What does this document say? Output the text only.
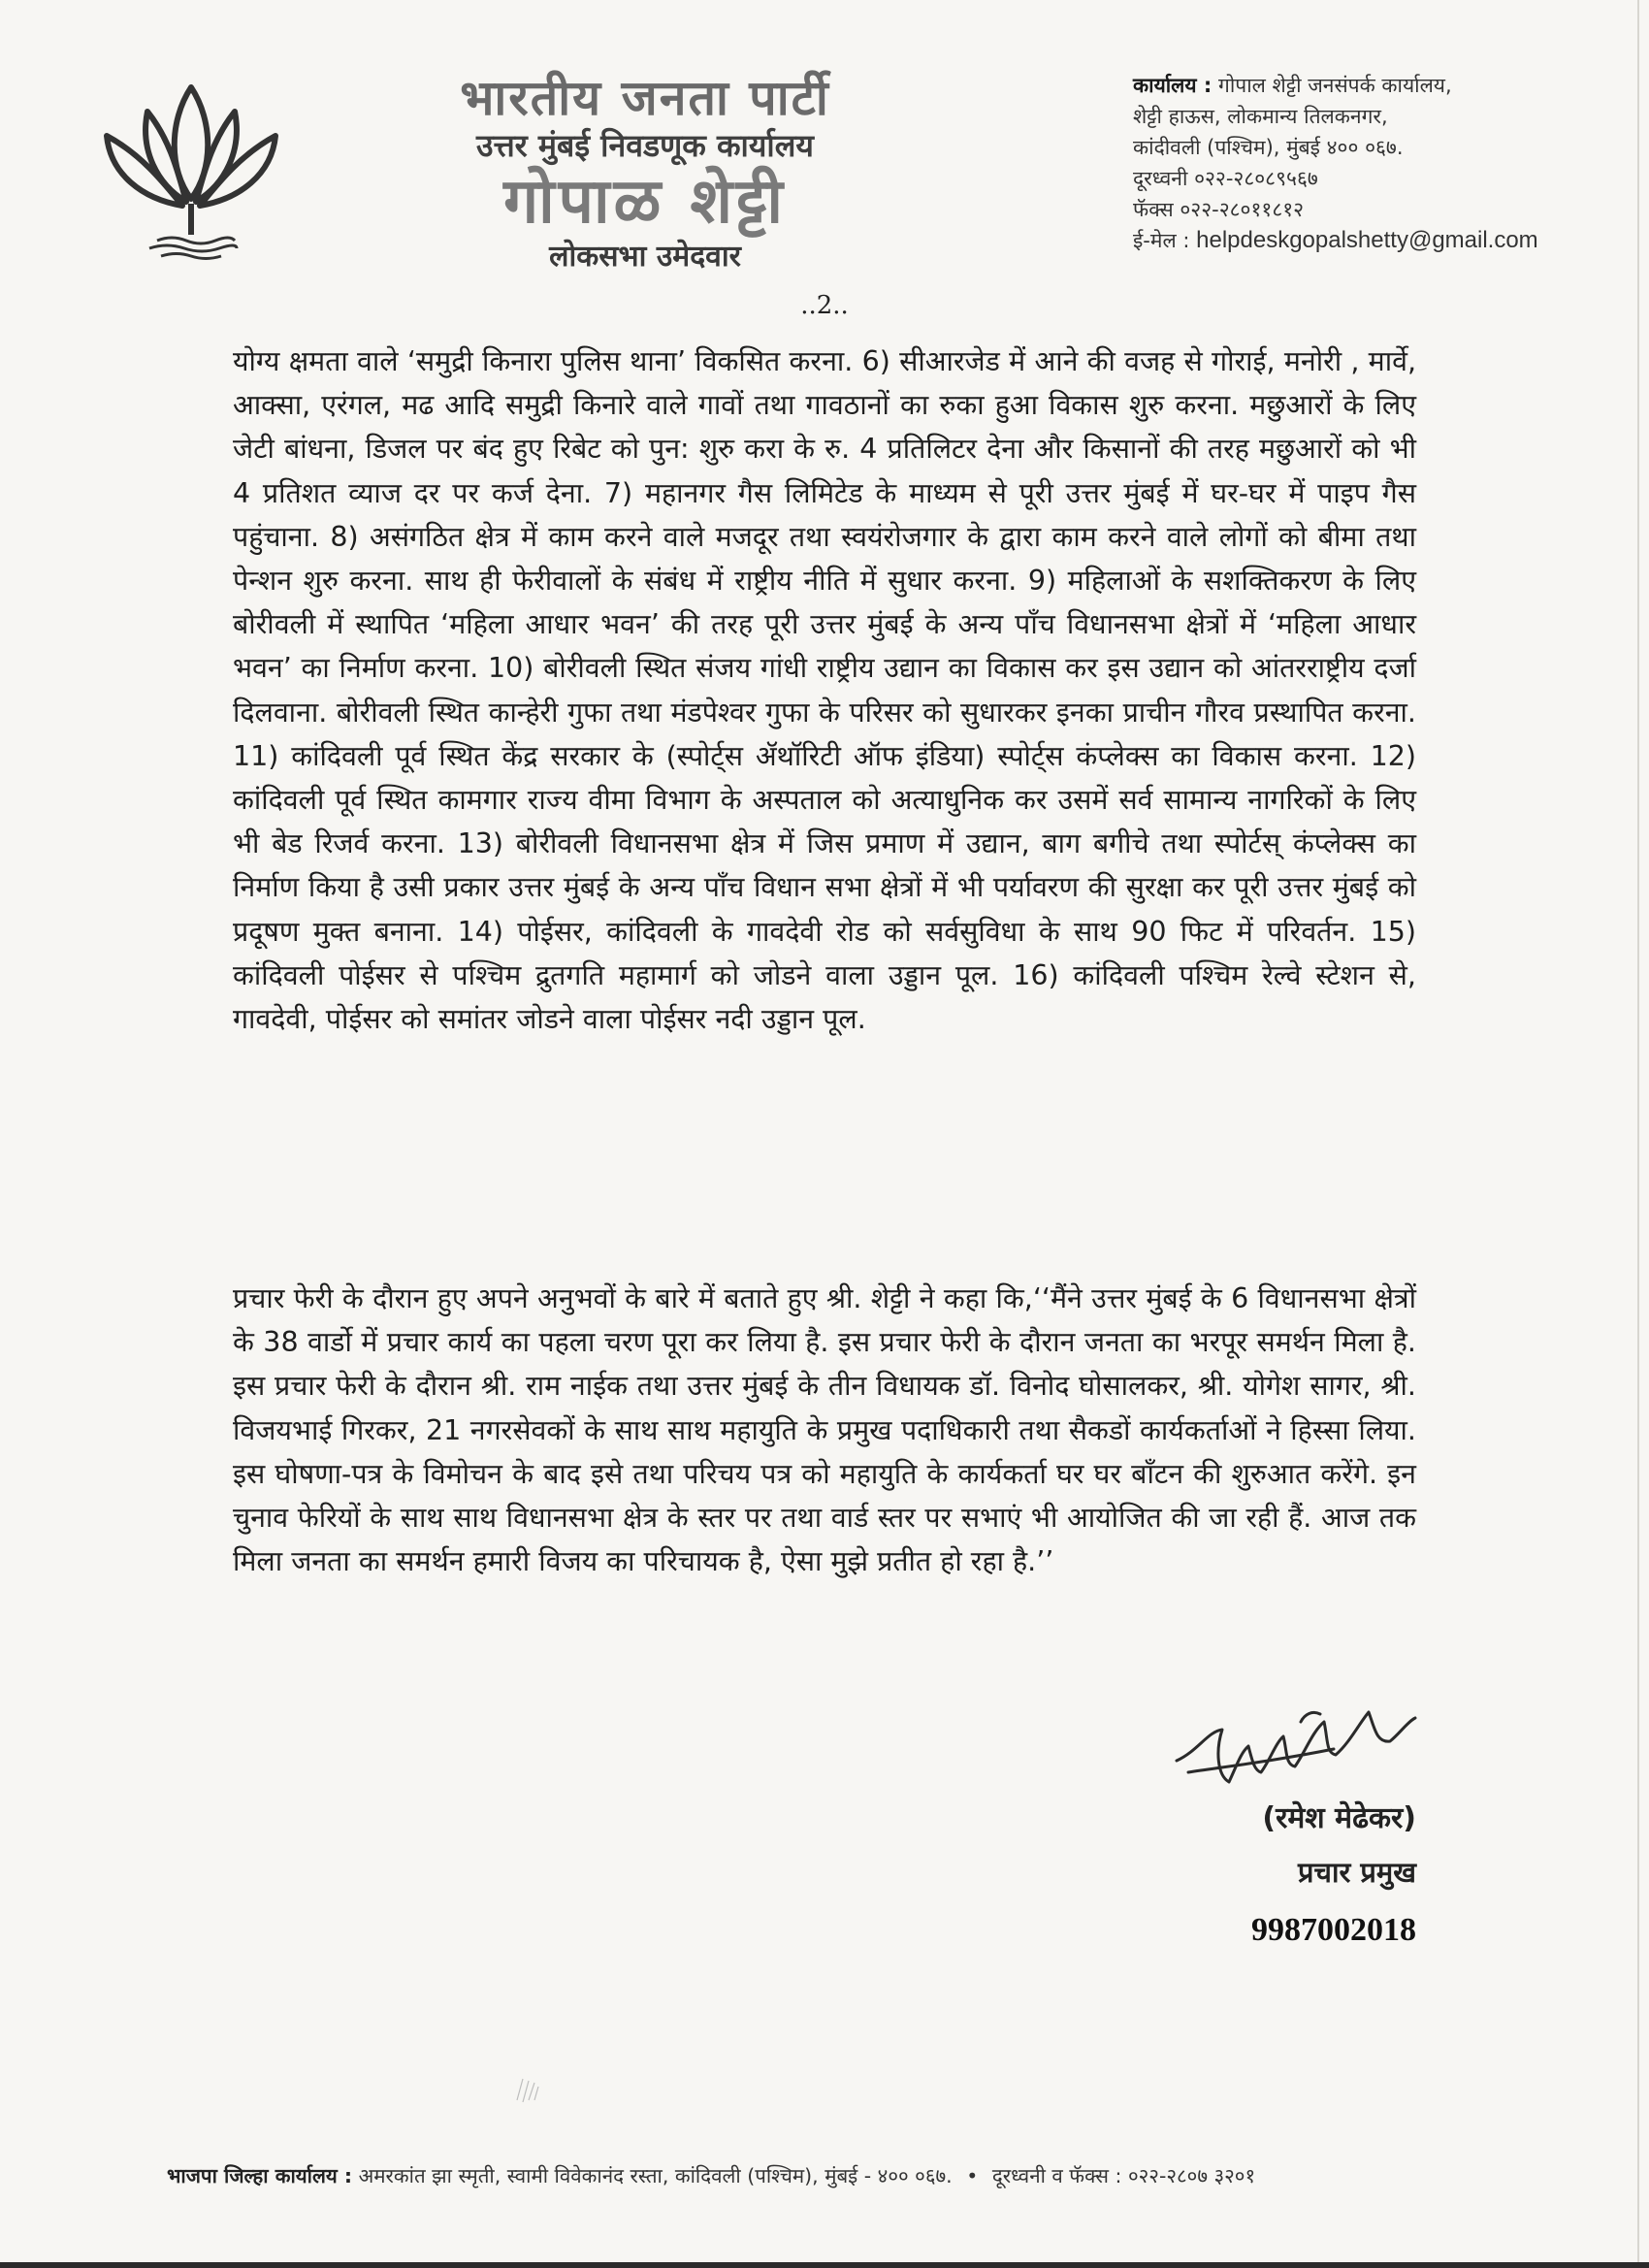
भारतीय जनता पार्टी
उत्तर मुंबई निवडणूक कार्यालय
गोपाळ शेट्टी
लोकसभा उमेदवार
कार्यालय : गोपाल शेट्टी जनसंपर्क कार्यालय,
शेट्टी हाऊस, लोकमान्य तिलकनगर,
कांदीवली (पश्चिम), मुंबई ४०० ०६७.
दूरध्वनी ०२२-२८०८९५६७
फॅक्स ०२२-२८०११८१२
ई-मेल : helpdeskgopalshetty@gmail.com
..2..

योग्य क्षमता वाले ‘समुद्री किनारा पुलिस थाना’ विकसित करना. 6) सीआरजेड में आने की वजह से गोराई, मनोरी , मार्वे, आक्सा, एरंगल, मढ आदि समुद्री किनारे वाले गावों तथा गावठानों का रुका हुआ विकास शुरु करना. मछुआरों के लिए जेटी बांधना, डिजल पर बंद हुए रिबेट को पुन: शुरु करा के रु. 4 प्रतिलिटर देना और किसानों की तरह मछुआरों को भी 4 प्रतिशत व्याज दर पर कर्ज देना. 7) महानगर गैस लिमिटेड के माध्यम से पूरी उत्तर मुंबई में घर-घर में पाइप गैस पहुंचाना. 8) असंगठित क्षेत्र में काम करने वाले मजदूर तथा स्वयंरोजगार के द्वारा काम करने वाले लोगों को बीमा तथा पेन्शन शुरु करना. साथ ही फेरीवालों के संबंध में राष्ट्रीय नीति में सुधार करना. 9) महिलाओं के सशक्तिकरण के लिए बोरीवली में स्थापित ‘महिला आधार भवन’ की तरह पूरी उत्तर मुंबई के अन्य पाँच विधानसभा क्षेत्रों में ‘महिला आधार भवन’ का निर्माण करना. 10) बोरीवली स्थित संजय गांधी राष्ट्रीय उद्यान का विकास कर इस उद्यान को आंतरराष्ट्रीय दर्जा दिलवाना. बोरीवली स्थित कान्हेरी गुफा तथा मंडपेश्वर गुफा के परिसर को सुधारकर इनका प्राचीन गौरव प्रस्थापित करना. 11) कांदिवली पूर्व स्थित केंद्र सरकार के (स्पोर्ट्स ॲथॉरिटी ऑफ इंडिया) स्पोर्ट्स कंप्लेक्स का विकास करना. 12) कांदिवली पूर्व स्थित कामगार राज्य वीमा विभाग के अस्पताल को अत्याधुनिक कर उसमें सर्व सामान्य नागरिकों के लिए भी बेड रिजर्व करना. 13) बोरीवली विधानसभा क्षेत्र में जिस प्रमाण में उद्यान, बाग बगीचे तथा स्पोर्टस् कंप्लेक्स का निर्माण किया है उसी प्रकार उत्तर मुंबई के अन्य पाँच विधान सभा क्षेत्रों में भी पर्यावरण की सुरक्षा कर पूरी उत्तर मुंबई को प्रदूषण मुक्त बनाना. 14) पोईसर, कांदिवली के गावदेवी रोड को सर्वसुविधा के साथ 90 फिट में परिवर्तन. 15) कांदिवली पोईसर से पश्चिम द्रुतगति महामार्ग को जोडने वाला उड्डान पूल. 16) कांदिवली पश्चिम रेल्वे स्टेशन से, गावदेवी, पोईसर को समांतर जोडने वाला पोईसर नदी उड्डान पूल.

प्रचार फेरी के दौरान हुए अपने अनुभवों के बारे में बताते हुए श्री. शेट्टी ने कहा कि,‘‘मैंने उत्तर मुंबई के 6 विधानसभा क्षेत्रों के 38 वार्डो में प्रचार कार्य का पहला चरण पूरा कर लिया है. इस प्रचार फेरी के दौरान जनता का भरपूर समर्थन मिला है. इस प्रचार फेरी के दौरान श्री. राम नाईक तथा उत्तर मुंबई के तीन विधायक डॉ. विनोद घोसालकर, श्री. योगेश सागर, श्री. विजयभाई गिरकर, 21 नगरसेवकों के साथ साथ महायुति के प्रमुख पदाधिकारी तथा सैकडों कार्यकर्ताओं ने हिस्सा लिया. इस घोषणा-पत्र के विमोचन के बाद इसे तथा परिचय पत्र को महायुति के कार्यकर्ता घर घर बाँटन की शुरुआत करेंगे. इन चुनाव फेरियों के साथ साथ विधानसभा क्षेत्र के स्तर पर तथा वार्ड स्तर पर सभाएं भी आयोजित की जा रही हैं. आज तक मिला जनता का समर्थन हमारी विजय का परिचायक है, ऐसा मुझे प्रतीत हो रहा है.’’

(रमेश मेढेकर)
प्रचार प्रमुख
9987002018
भाजपा जिल्हा कार्यालय : अमरकांत झा स्मृती, स्वामी विवेकानंद रस्ता, कांदिवली (पश्चिम), मुंबई - ४०० ०६७. • दूरध्वनी व फॅक्स : ०२२-२८०७ ३२०१
